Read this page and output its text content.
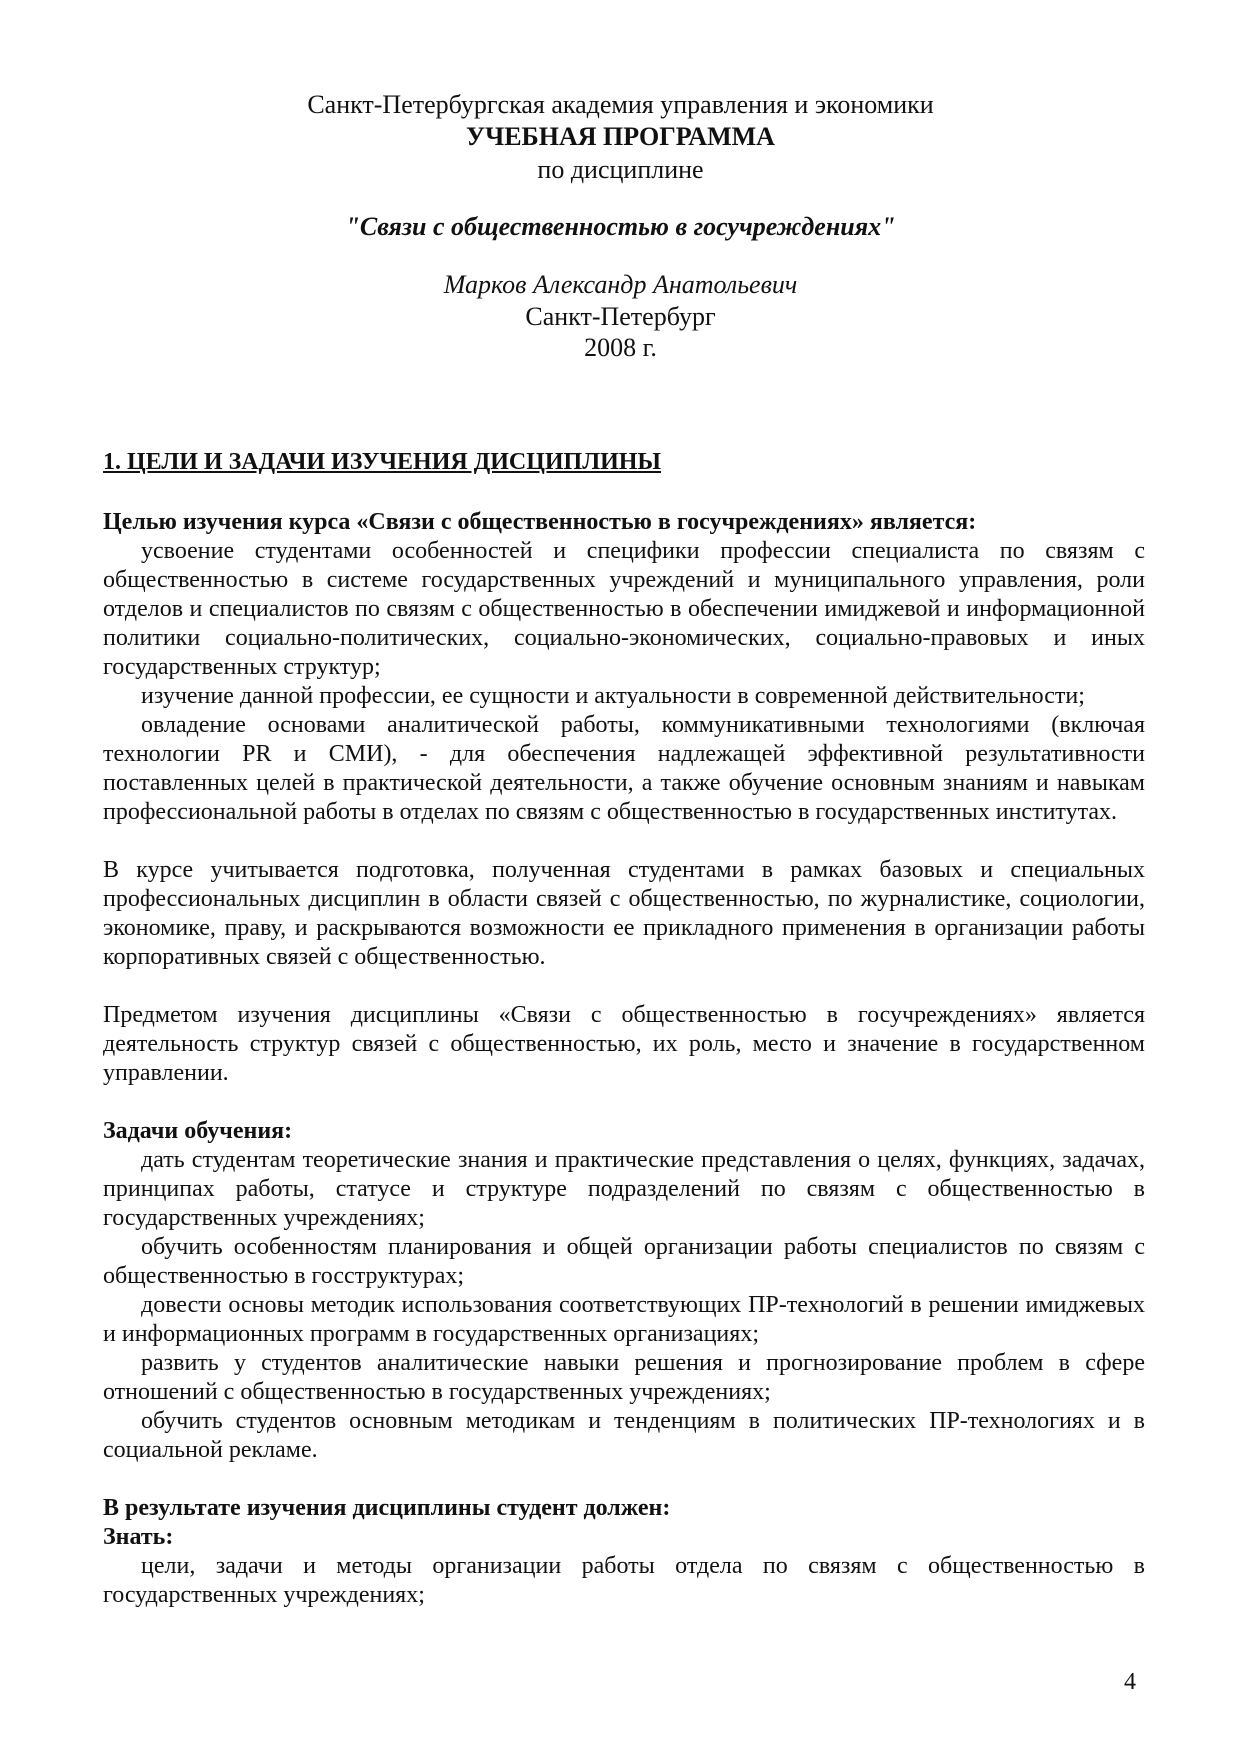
Санкт-Петербургская академия управления и экономики
УЧЕБНАЯ ПРОГРАММА
по дисциплине
"Связи с общественностью в госучреждениях"
Марков Александр Анатольевич
Санкт-Петербург
2008 г.
1. ЦЕЛИ И ЗАДАЧИ ИЗУЧЕНИЯ ДИСЦИПЛИНЫ
Целью изучения курса «Связи с общественностью в госучреждениях» является:

усвоение студентами особенностей и специфики профессии специалиста по связям с общественностью в системе государственных учреждений и муниципального управления, роли отделов и специалистов по связям с общественностью в обеспечении имиджевой и информационной политики социально-политических, социально-экономических, социально-правовых и иных государственных структур;

изучение данной профессии, ее сущности и актуальности в современной действительности;

овладение основами аналитической работы, коммуникативными технологиями (включая технологии PR и СМИ), - для обеспечения надлежащей эффективной результативности поставленных целей в практической деятельности, а также обучение основным знаниям и навыкам профессиональной работы в отделах по связям с общественностью в государственных институтах.

В курсе учитывается подготовка, полученная студентами в рамках базовых и специальных профессиональных дисциплин в области связей с общественностью, по журналистике, социологии, экономике, праву, и раскрываются возможности ее прикладного применения в организации работы корпоративных связей с общественностью.

Предметом изучения дисциплины «Связи с общественностью в госучреждениях» является деятельность структур связей с общественностью, их роль, место и значение в государственном управлении.

Задачи обучения:

дать студентам теоретические знания и практические представления о целях, функциях, задачах, принципах работы, статусе и структуре подразделений по связям с общественностью в государственных учреждениях;

обучить особенностям планирования и общей организации работы специалистов по связям с общественностью в госструктурах;

довести основы методик использования соответствующих ПР-технологий в решении имиджевых и информационных программ в государственных организациях;

развить у студентов аналитические навыки решения и прогнозирование проблем в сфере отношений с общественностью в государственных учреждениях;

обучить студентов основным методикам и тенденциям в политических ПР-технологиях и в социальной рекламе.

В результате изучения дисциплины студент должен:
Знать:

цели, задачи и методы организации работы отдела по связям с общественностью в государственных учреждениях;

4
